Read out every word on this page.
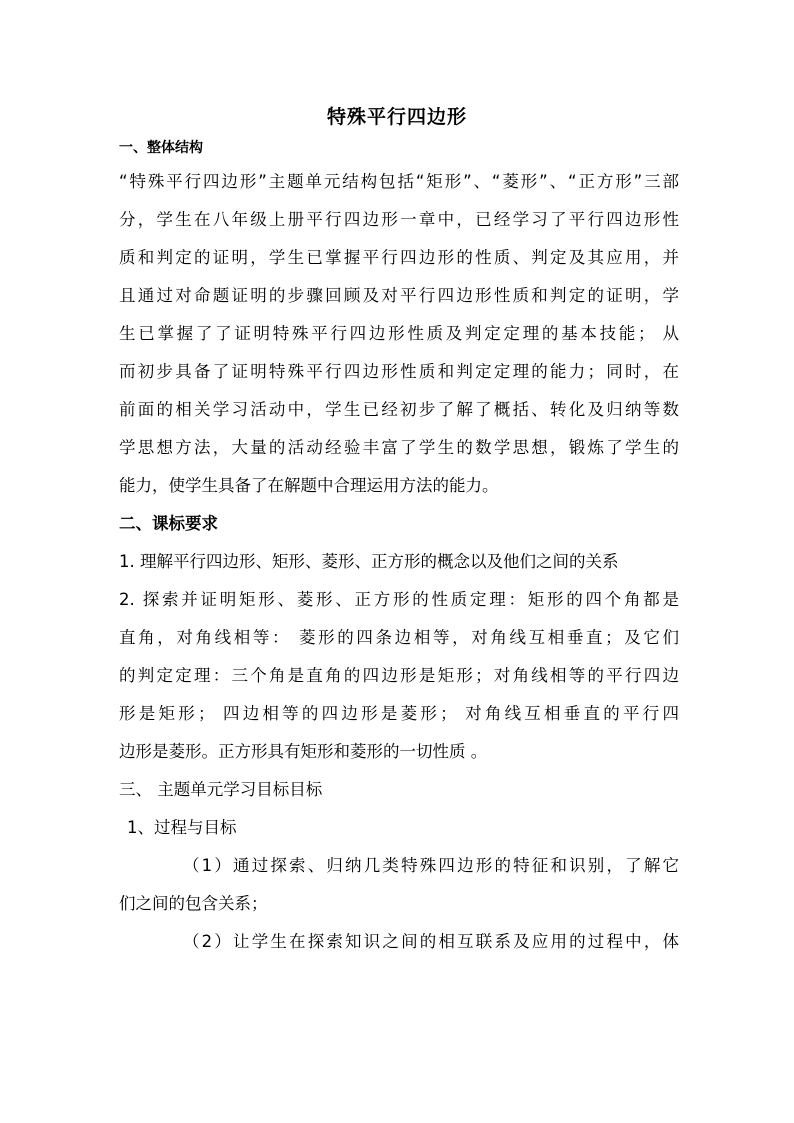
特殊平行四边形
一、整体结构
“特殊平行四边形”主题单元结构包括“矩形”、“菱形”、“正方形”三部
分，学生在八年级上册平行四边形一章中，已经学习了平行四边形性
质和判定的证明，学生已掌握平行四边形的性质、判定及其应用，并
且通过对命题证明的步骤回顾及对平行四边形性质和判定的证明，学
生已掌握了了证明特殊平行四边形性质及判定定理的基本技能； 从
而初步具备了证明特殊平行四边形性质和判定定理的能力；同时，在
前面的相关学习活动中，学生已经初步了解了概括、转化及归纳等数
学思想方法，大量的活动经验丰富了学生的数学思想，锻炼了学生的
能力，使学生具备了在解题中合理运用方法的能力。
二、课标要求
1. 理解平行四边形、矩形、菱形、正方形的概念以及他们之间的关系
2. 探索并证明矩形、菱形、正方形的性质定理：矩形的四个角都是
直角，对角线相等： 菱形的四条边相等，对角线互相垂直；及它们
的判定定理：三个角是直角的四边形是矩形；对角线相等的平行四边
形是矩形； 四边相等的四边形是菱形； 对角线互相垂直的平行四
边形是菱形。正方形具有矩形和菱形的一切性质 。
三、 主题单元学习目标目标
1、过程与目标
（1）通过探索、归纳几类特殊四边形的特征和识别，了解它
们之间的包含关系；
（2）让学生在探索知识之间的相互联系及应用的过程中，体
